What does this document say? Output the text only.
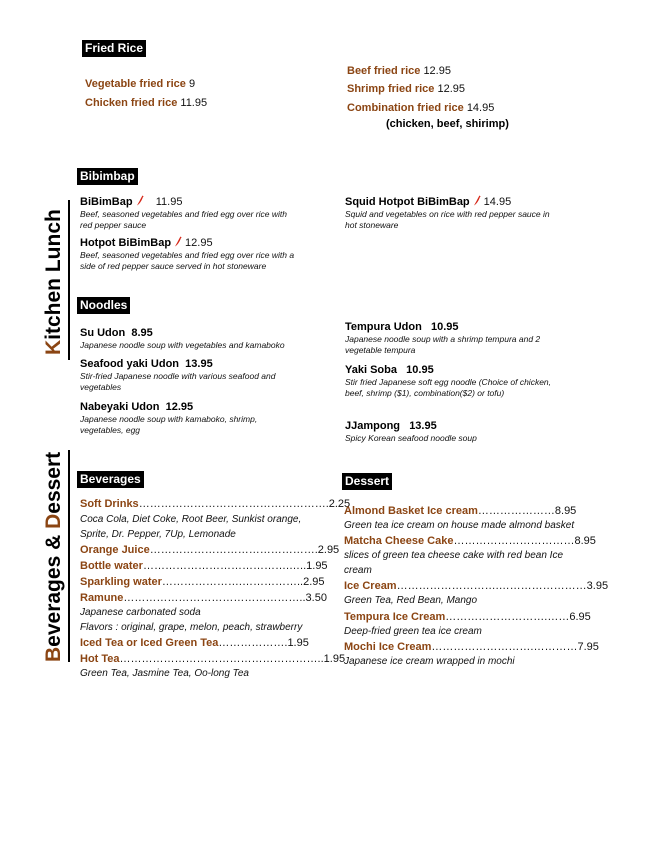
Kitchen Lunch
Beverages & Dessert
Fried Rice
Vegetable fried rice 9
Chicken fried rice 11.95
Beef fried rice 12.95
Shrimp fried rice 12.95
Combination fried rice 14.95
(chicken, beef, shirimp)
Bibimbap
BiBimBap 11.95
Beef, seasoned vegetables and fried egg over rice with red pepper sauce
Hotpot BiBimBap 12.95
Beef, seasoned vegetables and fried egg over rice with a side of red pepper sauce served in hot stoneware
Squid Hotpot BiBimBap 14.95
Squid and vegetables on rice with red pepper sauce in hot stoneware
Noodles
Su Udon 8.95
Japanese noodle soup with vegetables and kamaboko
Seafood yaki Udon 13.95
Stir-fried Japanese noodle with various seafood and vegetables
Nabeyaki Udon 12.95
Japanese noodle soup with kamaboko, shrimp, vegetables, egg
Tempura Udon 10.95
Japanese noodle soup with a shrimp tempura and 2 vegetable tempura
Yaki Soba 10.95
Stir fried Japanese soft egg noodle (Choice of chicken, beef, shrimp ($1), combination($2) or tofu)
JJampong 13.95
Spicy Korean seafood noodle soup
Beverages
Soft Drinks…………………………………………….2.25
Coca Cola, Diet Coke, Root Beer, Sunkist orange,
Sprite, Dr. Pepper, 7Up, Lemonade
Orange Juice……………………………………….2.95
Bottle water………………………………….…..1.95
Sparkling water………………….……………..2.95
Ramune…………………………………………..3.50
Japanese carbonated soda
Flavors : original, grape, melon, peach, strawberry
Iced Tea or Iced Green Tea……………….1.95
Hot Tea………………………………………………..1.95
Green Tea, Jasmine Tea, Oo-long Tea
Dessert
Almond Basket Ice cream…………………8.95
Green tea ice cream on house made almond basket
Matcha Cheese Cake……………………………8.95
slices of green tea cheese cake with red bean Ice
cream
Ice Cream……………………….……………………3.95
Green Tea, Red Bean, Mango
Tempura Ice Cream……………………….……6.95
Deep-fried green tea ice cream
Mochi Ice Cream……………………….…………7.95
Japanese ice cream wrapped in mochi
